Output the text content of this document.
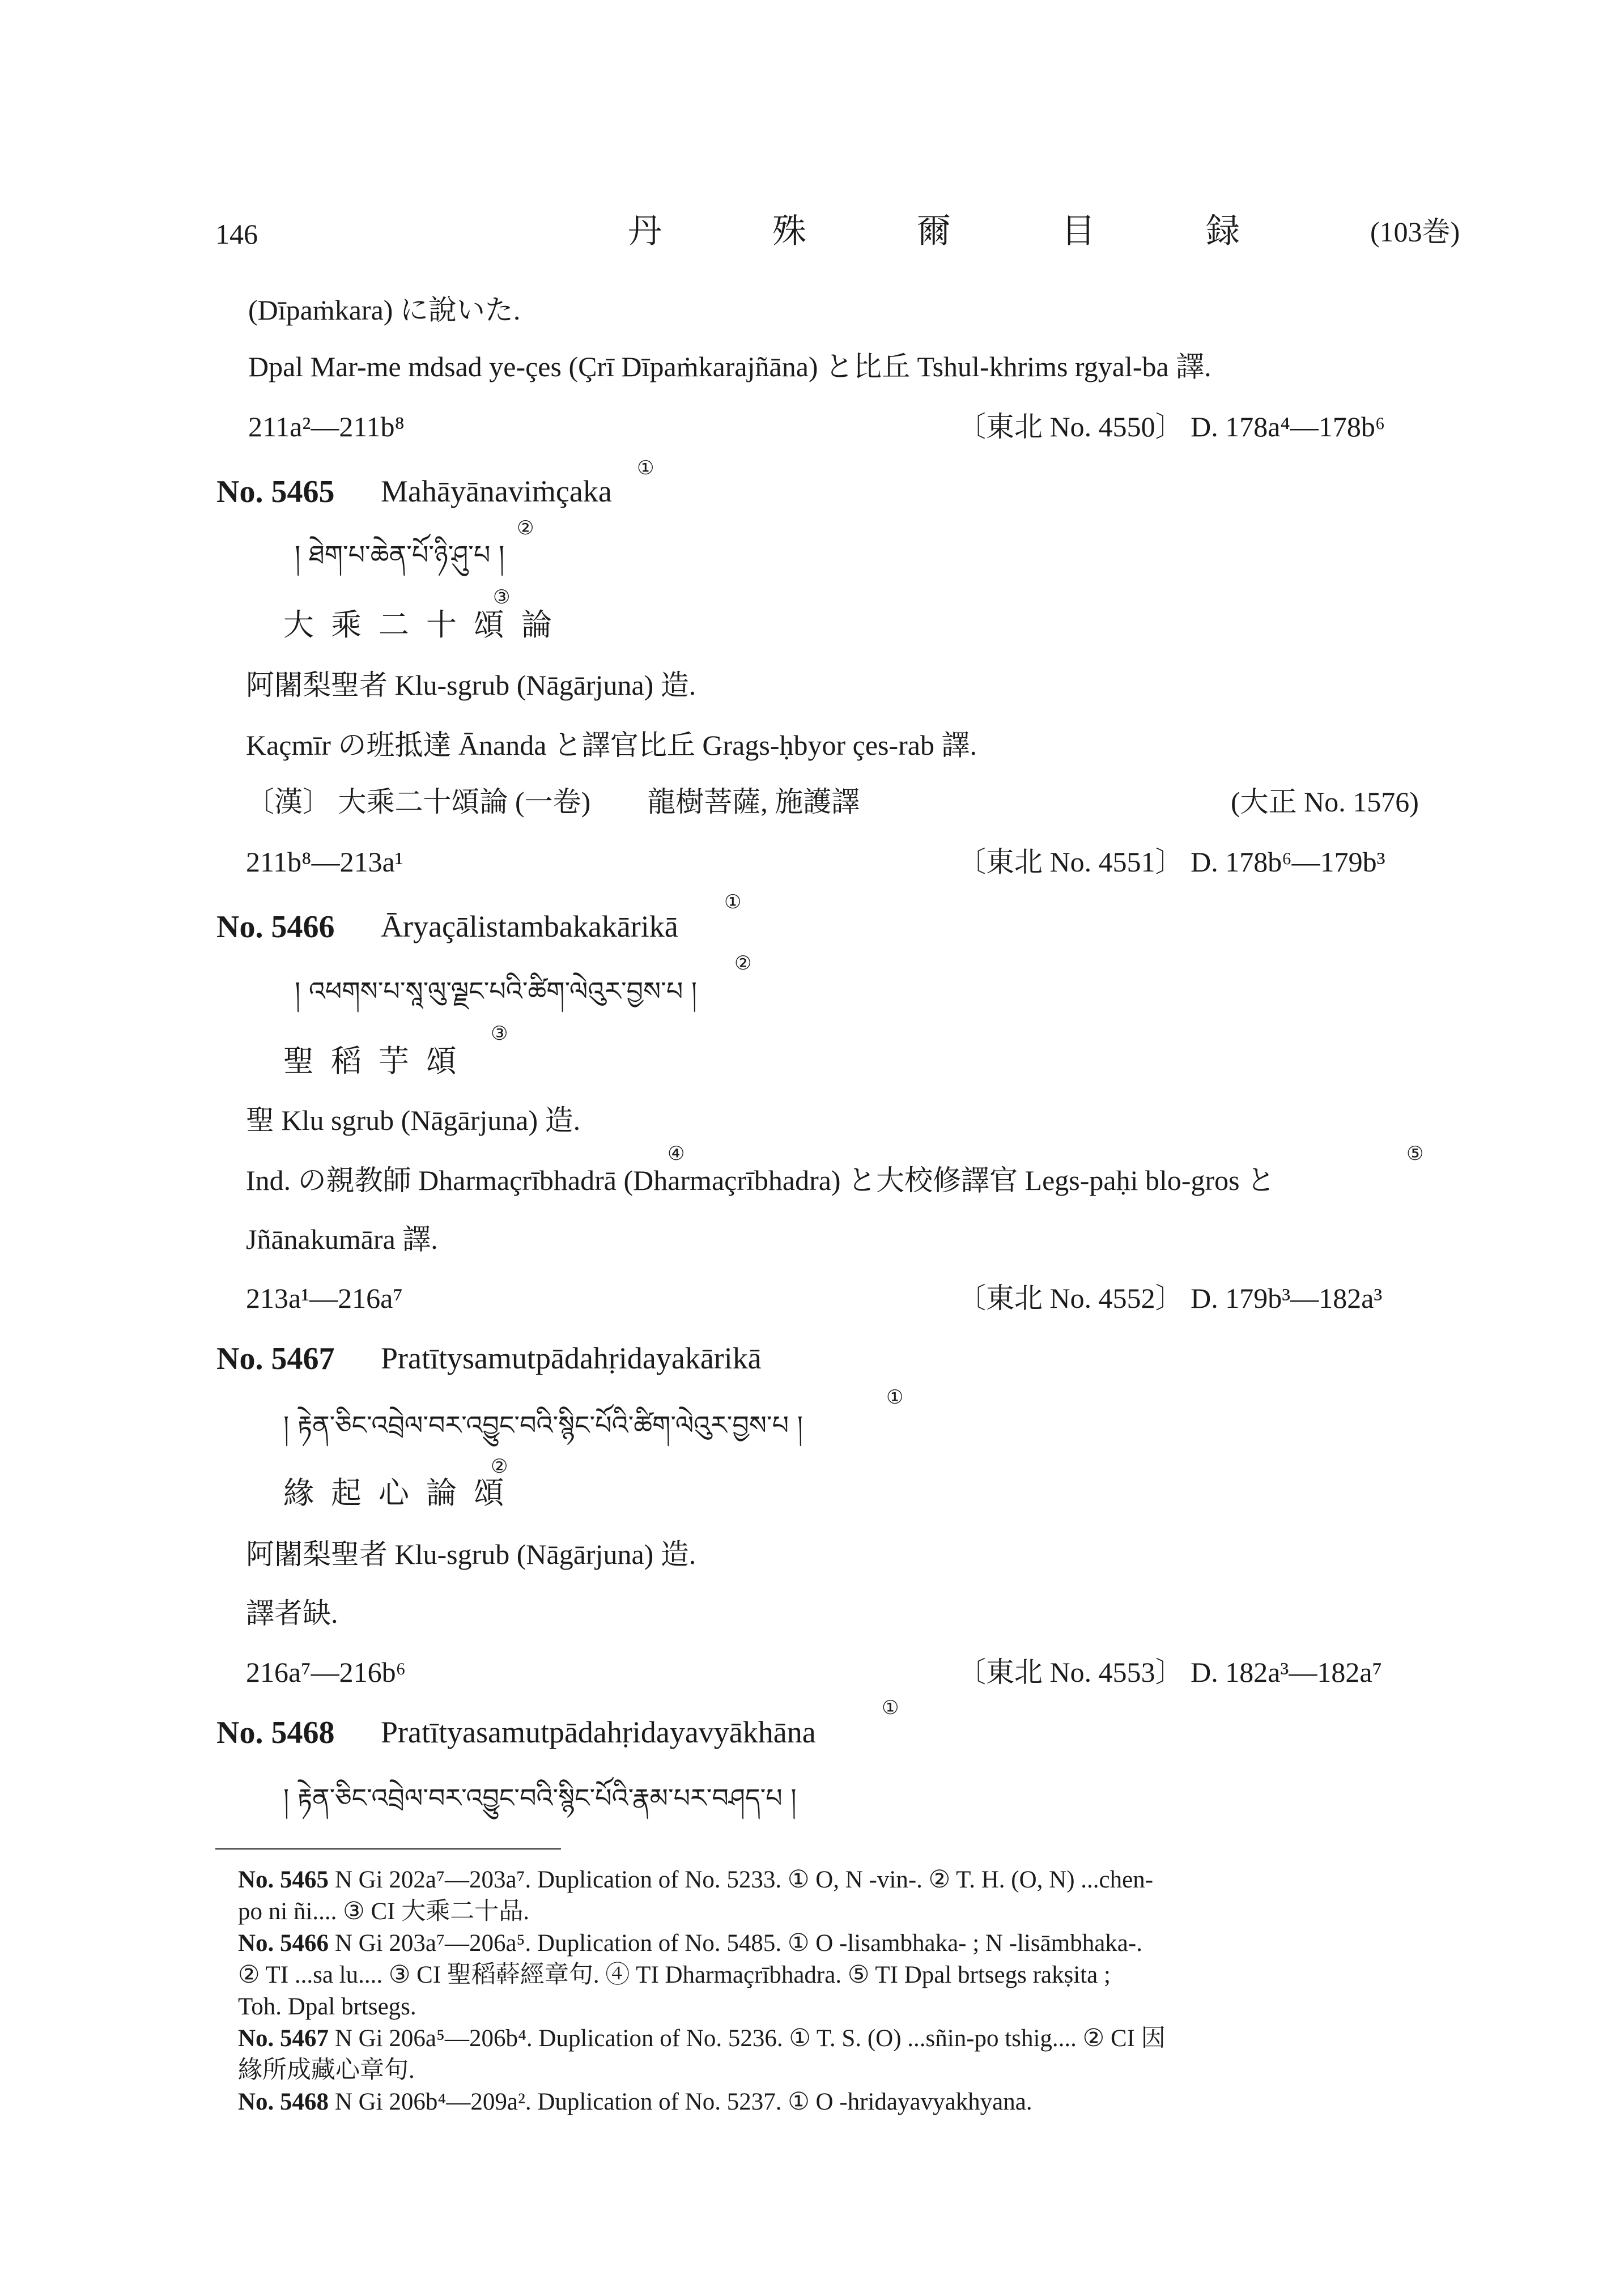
146	丹 殊 爾 目 録	(103巻)
(Dīpaṁkara) に說いた.
Dpal Mar-me mdsad ye-çes (Çrī Dīpaṁkarajñāna) と比丘 Tshul-khrims rgyal-ba 譯.
211a²—211b⁸	〔東北 No. 4550〕 D. 178a⁴—178b⁶
①
No. 5465 Mahāyānaviṁçaka
②
། ཐེག་པ་ཆེན་པོ་ཉི་ཤུ་པ །
③
大乘二十頌論
阿闍梨聖者 Klu-sgrub (Nāgārjuna) 造.
Kaçmīr の班抵達 Ānanda と譯官比丘 Grags-ḥbyor çes-rab 譯.
〔漢〕 大乘二十頌論 (一卷)　　龍樹菩薩, 施護譯	(大正 No. 1576)
211b⁸—213a¹	〔東北 No. 4551〕 D. 178b⁶—179b³
①
No. 5466 Āryaçālistambakakārikā
②
། འཕགས་པ་སཱ་ལུ་ལྗང་པའི་ཚིག་ལེའུར་བྱས་པ །
③
聖稻芋頌
聖 Klu sgrub (Nāgārjuna) 造.
④	⑤
Ind. の親教師 Dharmaçrībhadrā (Dharmaçrībhadra) と大校修譯官 Legs-paḥi blo-gros と
Jñānakumāra 譯.
213a¹—216a⁷	〔東北 No. 4552〕 D. 179b³—182a³
No. 5467 Pratītysamutpādahṛidayakārikā
①
། རྟེན་ཅིང་འབྲེལ་བར་འབྱུང་བའི་སྙིང་པོའི་ཚིག་ལེའུར་བྱས་པ །
②
緣起心論頌
阿闍梨聖者 Klu-sgrub (Nāgārjuna) 造.
譯者缺.
216a⁷—216b⁶	〔東北 No. 4553〕 D. 182a³—182a⁷
①
No. 5468 Pratītyasamutpādahṛidayavyākhāna
། རྟེན་ཅིང་འབྲེལ་བར་འབྱུང་བའི་སྙིང་པོའི་རྣམ་པར་བཤད་པ །
No. 5465 N Gi 202a⁷—203a⁷. Duplication of No. 5233. ① O, N -vin-. ② T. H. (O, N) ...chen-
po ni ñi.... ③ CI 大乘二十品.
No. 5466 N Gi 203a⁷—206a⁵. Duplication of No. 5485. ① O -lisambhaka- ; N -lisāmbhaka-.
② TI ...sa lu.... ③ CI 聖稻𦼮經章句. ④ TI Dharmaçrībhadra. ⑤ TI Dpal brtsegs rakṣita ;
Toh. Dpal brtsegs.
No. 5467 N Gi 206a⁵—206b⁴. Duplication of No. 5236. ① T. S. (O) ...sñin-po tshig.... ② CI 因
緣所成藏心章句.
No. 5468 N Gi 206b⁴—209a². Duplication of No. 5237. ① O -hridayavyakhyana.
